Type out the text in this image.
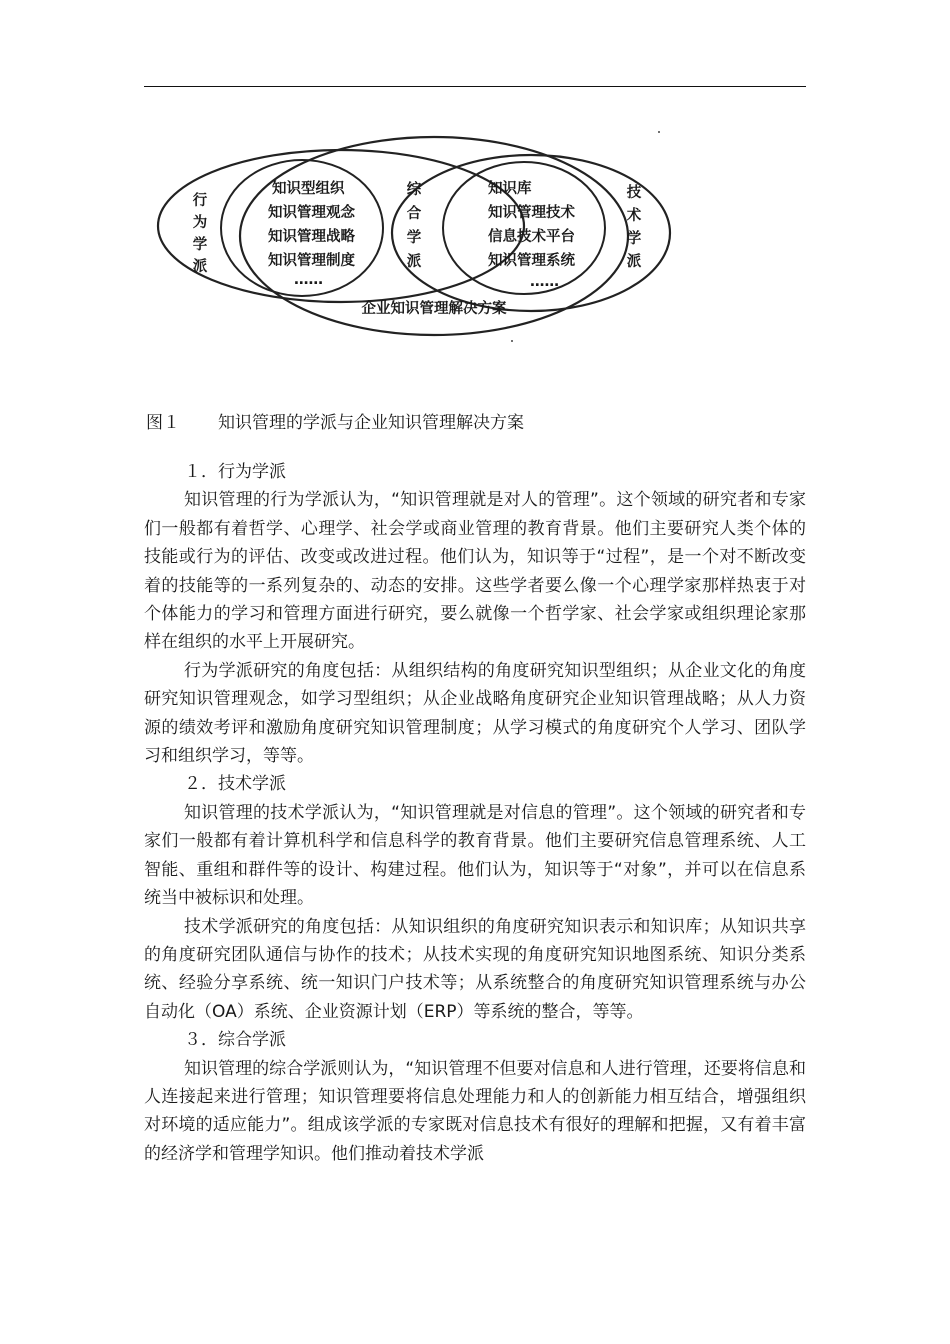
行
为
学
派
综
合
学
派
技
术
学
派
知识型组织
知识管理观念
知识管理战略
知识管理制度
……
知识库
知识管理技术
信息技术平台
知识管理系统
……
企业知识管理解决方案
图１ 知识管理的学派与企业知识管理解决方案

１．行为学派

知识管理的行为学派认为，“知识管理就是对人的管理”。这个领域的研究者和专家们一般都有着哲学、心理学、社会学或商业管理的教育背景。他们主要研究人类个体的技能或行为的评估、改变或改进过程。他们认为，知识等于“过程”，是一个对不断改变着的技能等的一系列复杂的、动态的安排。这些学者要么像一个心理学家那样热衷于对个体能力的学习和管理方面进行研究，要么就像一个哲学家、社会学家或组织理论家那样在组织的水平上开展研究。

行为学派研究的角度包括：从组织结构的角度研究知识型组织；从企业文化的角度研究知识管理观念，如学习型组织；从企业战略角度研究企业知识管理战略；从人力资源的绩效考评和激励角度研究知识管理制度；从学习模式的角度研究个人学习、团队学习和组织学习，等等。

２．技术学派

知识管理的技术学派认为，“知识管理就是对信息的管理”。这个领域的研究者和专家们一般都有着计算机科学和信息科学的教育背景。他们主要研究信息管理系统、人工智能、重组和群件等的设计、构建过程。他们认为，知识等于“对象”，并可以在信息系统当中被标识和处理。

技术学派研究的角度包括：从知识组织的角度研究知识表示和知识库；从知识共享的角度研究团队通信与协作的技术；从技术实现的角度研究知识地图系统、知识分类系统、经验分享系统、统一知识门户技术等；从系统整合的角度研究知识管理系统与办公自动化（OA）系统、企业资源计划（ERP）等系统的整合，等等。

３．综合学派

知识管理的综合学派则认为，“知识管理不但要对信息和人进行管理，还要将信息和人连接起来进行管理；知识管理要将信息处理能力和人的创新能力相互结合，增强组织对环境的适应能力”。组成该学派的专家既对信息技术有很好的理解和把握，又有着丰富的经济学和管理学知识。他们推动着技术学派
